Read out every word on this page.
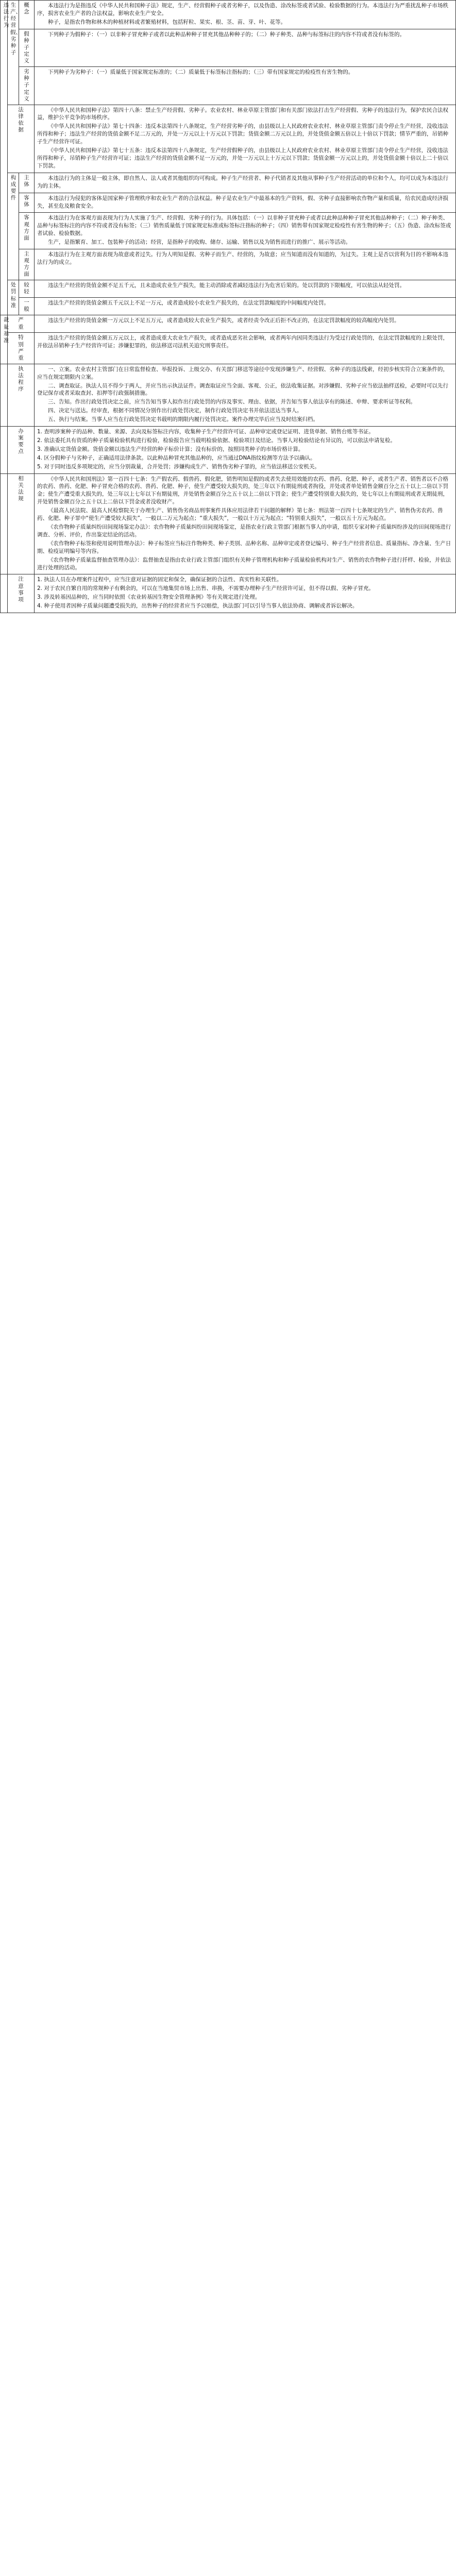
违法行为	生产、经营假、劣种子	概念	本违法行为是指违反《中华人民共和国种子法》规定，生产、经营假种子或者劣种子，以及伪造、涂改标签或者试验、检验数据的行为。本违法行为严重扰乱种子市场秩序，损害农业生产者的合法权益，影响农业生产安全。

种子，是指农作物和林木的种植材料或者繁殖材料，包括籽粒、果实、根、茎、苗、芽、叶、花等。

		假种子定义	下列种子为假种子：（一）以非种子冒充种子或者以此种品种种子冒充其他品种种子的；（二）种子种类、品种与标签标注的内容不符或者没有标签的。

		劣种子定义	下列种子为劣种子：（一）质量低于国家规定标准的；（二）质量低于标签标注指标的；（三）带有国家规定的检疫性有害生物的。

	法律依据		《中华人民共和国种子法》第四十八条：禁止生产经营假、劣种子。农业农村、林业草原主管部门和有关部门依法打击生产经营假、劣种子的违法行为，保护农民合法权益，维护公平竞争的市场秩序。

《中华人民共和国种子法》第七十四条：违反本法第四十八条规定，生产经营劣种子的，由县级以上人民政府农业农村、林业草原主管部门责令停止生产经营，没收违法所得和种子；违法生产经营的货值金额不足二万元的，并处一万元以上十万元以下罚款；货值金额二万元以上的，并处货值金额五倍以上十倍以下罚款；情节严重的，吊销种子生产经营许可证。

《中华人民共和国种子法》第七十五条：违反本法第四十八条规定，生产经营假种子的，由县级以上人民政府农业农村、林业草原主管部门责令停止生产经营，没收违法所得和种子，吊销种子生产经营许可证；违法生产经营的货值金额不足一万元的，并处一万元以上十万元以下罚款；货值金额一万元以上的，并处货值金额十倍以上二十倍以下罚款。

	构成要件	主体	本违法行为的主体是一般主体，即自然人、法人或者其他组织均可构成。种子生产经营者、种子代销者及其他从事种子生产经营活动的单位和个人，均可以成为本违法行为的主体。

		客体	本违法行为侵犯的客体是国家种子管理秩序和农业生产者的合法权益。种子是农业生产中最基本的生产资料，假、劣种子直接影响农作物产量和质量，给农民造成经济损失，甚至危及粮食安全。

		客观方面	本违法行为在客观方面表现为行为人实施了生产、经营假、劣种子的行为。具体包括：（一）以非种子冒充种子或者以此种品种种子冒充其他品种种子；（二）种子种类、品种与标签标注的内容不符或者没有标签；（三）销售质量低于国家规定标准或标签标注指标的种子；（四）销售带有国家规定检疫性有害生物的种子；（五）伪造、涂改标签或者试验、检验数据。

生产，是指繁育、加工、包装种子的活动；经营，是指种子的收购、储存、运输、销售以及为销售而进行的推广、展示等活动。

		主观方面	本违法行为在主观方面表现为故意或者过失。行为人明知是假、劣种子而生产、经营的，为故意；应当知道而没有知道的，为过失。主观上是否以营利为目的不影响本违法行为的成立。

	处罚标准	较轻	违法生产经营的货值金额不足五千元，且未造成农业生产损失，能主动消除或者减轻违法行为危害后果的。处以罚款的下限幅度，可以依法从轻处罚。

		一般	违法生产经营的货值金额五千元以上不足一万元，或者造成较小农业生产损失的，在法定罚款幅度的中间幅度内处罚。

裁量基准	严重		违法生产经营的货值金额一万元以上不足五万元，或者造成较大农业生产损失，或者经责令改正后拒不改正的，在法定罚款幅度的较高幅度内处罚。

	特别严重		违法生产经营的货值金额五万元以上，或者造成重大农业生产损失，或者造成恶劣社会影响，或者两年内因同类违法行为受过行政处罚的，在法定罚款幅度的上限处罚，并依法吊销种子生产经营许可证；涉嫌犯罪的，依法移送司法机关追究刑事责任。

	执法程序		一、立案。农业农村主管部门在日常监督检查、举报投诉、上级交办、有关部门移送等途径中发现涉嫌生产、经营假、劣种子的违法线索，经初步核实符合立案条件的，应当在规定期限内立案。

二、调查取证。执法人员不得少于两人，并应当出示执法证件。调查取证应当全面、客观、公正，依法收集证据。对涉嫌假、劣种子应当依法抽样送检，必要时可以先行登记保存或者采取查封、扣押等行政强制措施。

三、告知。作出行政处罚决定之前，应当告知当事人拟作出行政处罚的内容及事实、理由、依据，并告知当事人依法享有的陈述、申辩、要求听证等权利。

四、决定与送达。经审查，根据不同情况分别作出行政处罚决定，制作行政处罚决定书并依法送达当事人。

五、执行与结案。当事人应当在行政处罚决定书载明的期限内履行处罚决定。案件办理完毕后应当及时结案归档。

	办案要点		1. 查明涉案种子的品种、数量、来源、去向及标签标注内容，收集种子生产经营许可证、品种审定或登记证明、进货单据、销售台账等书证。

2. 依法委托具有资质的种子质量检验机构进行检验，检验报告应当载明检验依据、检验项目及结论。当事人对检验结论有异议的，可以依法申请复检。

3. 准确认定货值金额。货值金额以违法生产经营的种子标价计算；没有标价的，按照同类种子的市场价格计算。

4. 区分假种子与劣种子，正确适用法律条款。以此种品种冒充其他品种的，应当通过DNA指纹检测等方法予以确认。

5. 对于同时违反多项规定的，应当分别裁量，合并处罚；涉嫌构成生产、销售伪劣种子罪的，应当依法移送公安机关。

	相关法规		《中华人民共和国刑法》第一百四十七条：生产假农药、假兽药、假化肥，销售明知是假的或者失去使用效能的农药、兽药、化肥、种子，或者生产者、销售者以不合格的农药、兽药、化肥、种子冒充合格的农药、兽药、化肥、种子，使生产遭受较大损失的，处三年以下有期徒刑或者拘役，并处或者单处销售金额百分之五十以上二倍以下罚金；使生产遭受重大损失的，处三年以上七年以下有期徒刑，并处销售金额百分之五十以上二倍以下罚金；使生产遭受特别重大损失的，处七年以上有期徒刑或者无期徒刑，并处销售金额百分之五十以上二倍以下罚金或者没收财产。

《最高人民法院、最高人民检察院关于办理生产、销售伪劣商品刑事案件具体应用法律若干问题的解释》第七条：刑法第一百四十七条规定的生产、销售伪劣农药、兽药、化肥、种子罪中“使生产遭受较大损失”，一般以二万元为起点；“重大损失”，一般以十万元为起点；“特别重大损失”，一般以五十万元为起点。

《农作物种子质量纠纷田间现场鉴定办法》：农作物种子质量纠纷田间现场鉴定，是指农业行政主管部门根据当事人的申请，组织专家对种子质量纠纷涉及的田间现场进行调查、分析、评价，作出鉴定结论的活动。

《农作物种子标签和使用说明管理办法》：种子标签应当标注作物种类、种子类别、品种名称、品种审定或者登记编号、种子生产经营者信息、质量指标、净含量、生产日期、检疫证明编号等内容。

《农作物种子质量监督抽查管理办法》：监督抽查是指由农业行政主管部门组织有关种子管理机构和种子质量检验机构对生产、销售的农作物种子进行扦样、检验，并依法进行处理的活动。

	注意事项		1. 执法人员在办理案件过程中，应当注意对证据的固定和保全，确保证据的合法性、真实性和关联性。

2. 对于农民自繁自用的常规种子有剩余的，可以在当地集贸市场上出售、串换，不需要办理种子生产经营许可证，但不得以假、劣种子冒充。

3. 涉及转基因品种的，应当同时依照《农业转基因生物安全管理条例》等有关规定进行处理。

4. 种子使用者因种子质量问题遭受损失的，出售种子的经营者应当予以赔偿，执法部门可以引导当事人依法协商、调解或者诉讼解决。
